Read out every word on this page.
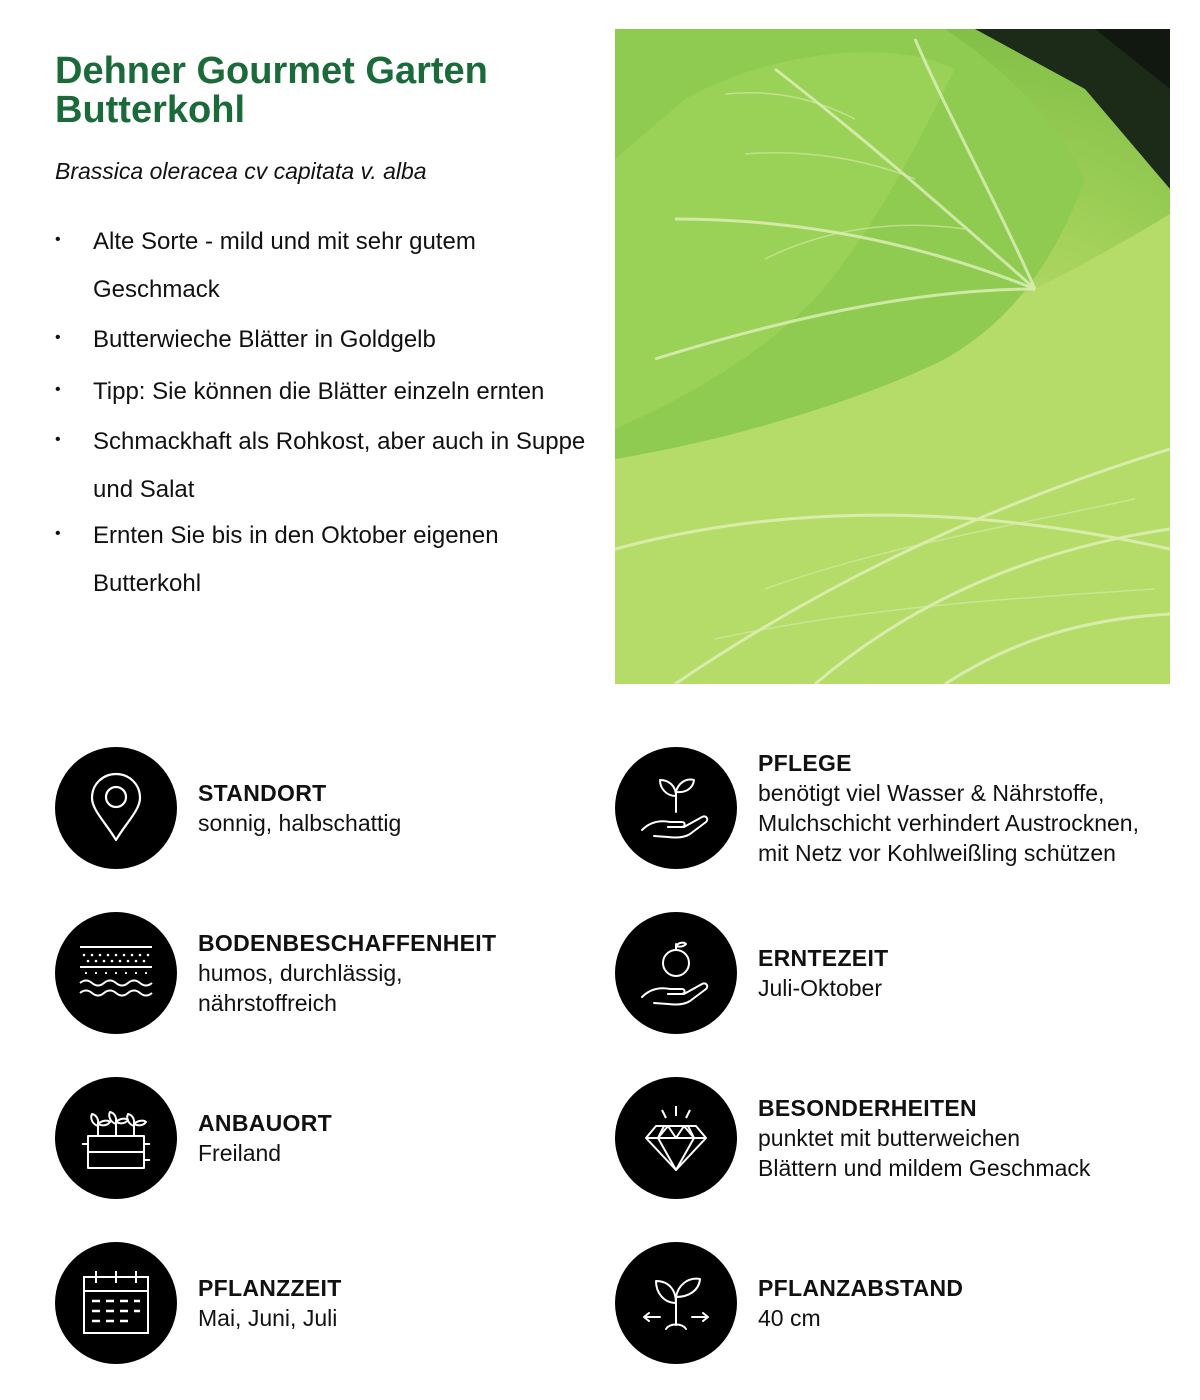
Dehner Gourmet Garten
Butterkohl

Brassica oleracea cv capitata v. alba

• Alte Sorte - mild und mit sehr gutem Geschmack
• Butterwieche Blätter in Goldgelb
• Tipp: Sie können die Blätter einzeln ernten
• Schmackhaft als Rohkost, aber auch in Suppe und Salat
• Ernten Sie bis in den Oktober eigenen Butterkohl
STANDORT
sonnig, halbschattig
BODENBESCHAFFENHEIT
humos, durchlässig,
nährstoffreich
ANBAUORT
Freiland
PFLANZZEIT
Mai, Juni, Juli
PFLEGE
benötigt viel Wasser & Nährstoffe,
Mulchschicht verhindert Austrocknen,
mit Netz vor Kohlweißling schützen
ERNTEZEIT
Juli-Oktober
BESONDERHEITEN
punktet mit butterweichen
Blättern und mildem Geschmack
PFLANZABSTAND
40 cm
